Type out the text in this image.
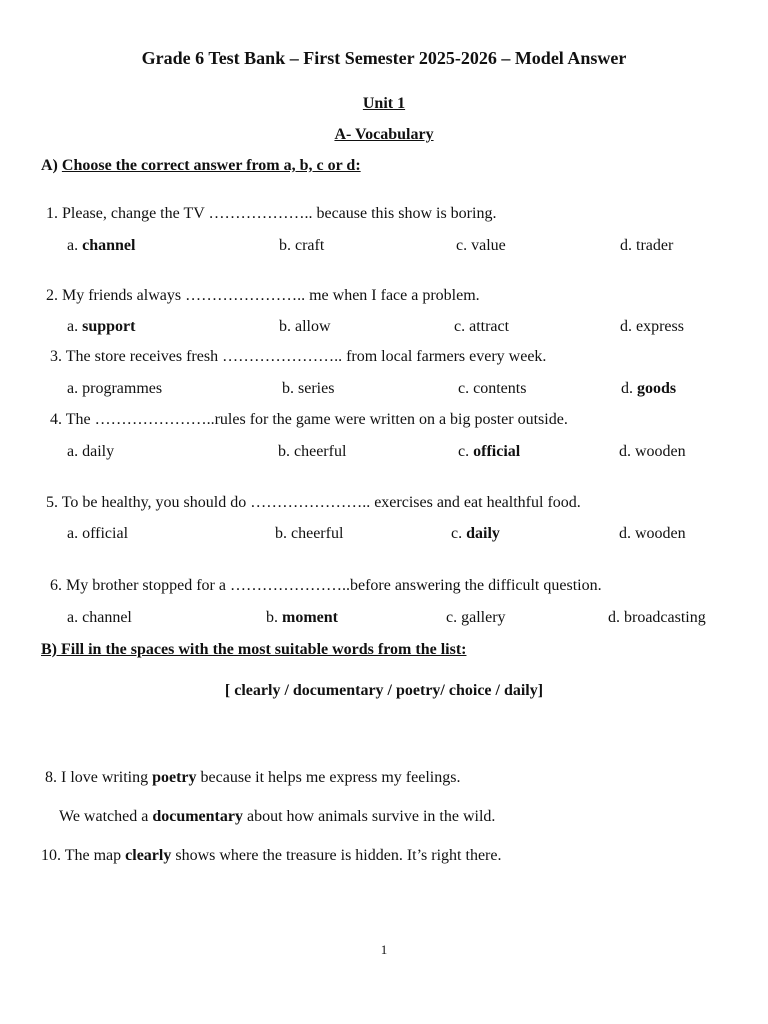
Grade 6 Test Bank – First Semester 2025-2026 – Model Answer
Unit 1
A- Vocabulary
A) Choose the correct answer from a, b, c or d:
1. Please, change the TV ……………….. because this show is boring.
a. channel	b. craft	c. value	d. trader
2. My friends always ………………….. me when I face a problem.
a. support	b. allow	c. attract	d. express
3. The store receives fresh ………………….. from local farmers every week.
a. programmes	b. series	c. contents	d. goods
4. The …………………..rules for the game were written on a big poster outside.
a. daily	b. cheerful	c. official	d. wooden
5. To be healthy, you should do ………………….. exercises and eat healthful food.
a. official	b. cheerful	c. daily	d. wooden
6. My brother stopped for a …………………..before answering the difficult question.
a. channel	b. moment	c. gallery	d. broadcasting
B) Fill in the spaces with the most suitable words from the list:
[ clearly / documentary / poetry/ choice / daily]
8. I love writing poetry because it helps me express my feelings.
We watched a documentary about how animals survive in the wild.
10. The map clearly shows where the treasure is hidden. It’s right there.
1
